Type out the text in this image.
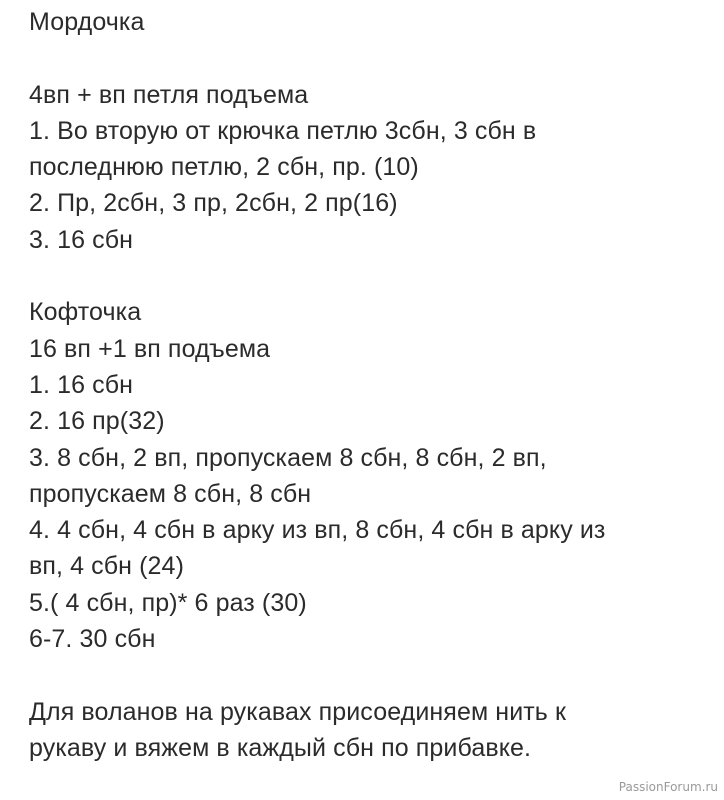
Мордочка
4вп + вп петля подъема
1. Во вторую от крючка петлю 3сбн, 3 сбн в
последнюю петлю, 2 сбн, пр. (10)
2. Пр, 2сбн, 3 пр, 2сбн, 2 пр(16)
3. 16 сбн
Кофточка
16 вп +1 вп подъема
1. 16 сбн
2. 16 пр(32)
3. 8 сбн, 2 вп, пропускаем 8 сбн, 8 сбн, 2 вп,
пропускаем 8 сбн, 8 сбн
4. 4 сбн, 4 сбн в арку из вп, 8 сбн, 4 сбн в арку из
вп, 4 сбн (24)
5.( 4 сбн, пр)* 6 раз (30)
6-7. 30 сбн
Для воланов на рукавах присоединяем нить к
рукаву и вяжем в каждый сбн по прибавке.
PassionForum.ru
